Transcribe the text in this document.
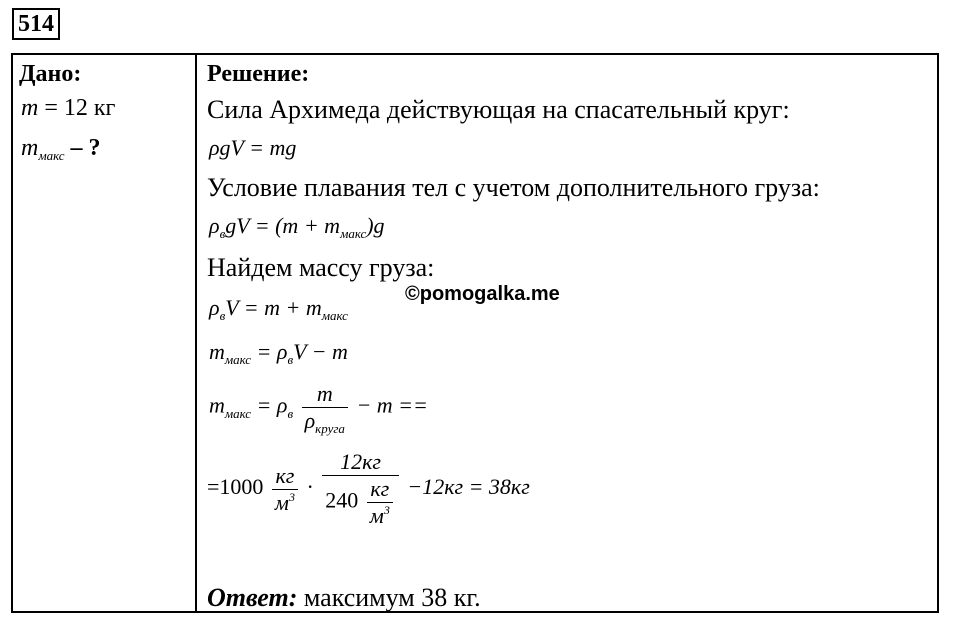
514
Дано:
m = 12 кг
$m_{макс}$ – ?
Решение:
Сила Архимеда действующая на спасательный круг:
ρgV = mg
Условие плавания тел с учетом дополнительного груза:
$\rho_вgV = (m + m_{макс})g$
Найдем массу груза:
$\rho_вV = m + m_{макс}$
©pomogalka.me
$m_{макс} = \rho_вV - m$
$m_{макс} = \rho_в \frac{m}{\rho_{круга}} - m$ ==
$=1000 \frac{кг}{м^3} \cdot \frac{12кг}{240 \frac{кг}{м^3}} -12кг = 38кг$
Ответ: максимум 38 кг.
